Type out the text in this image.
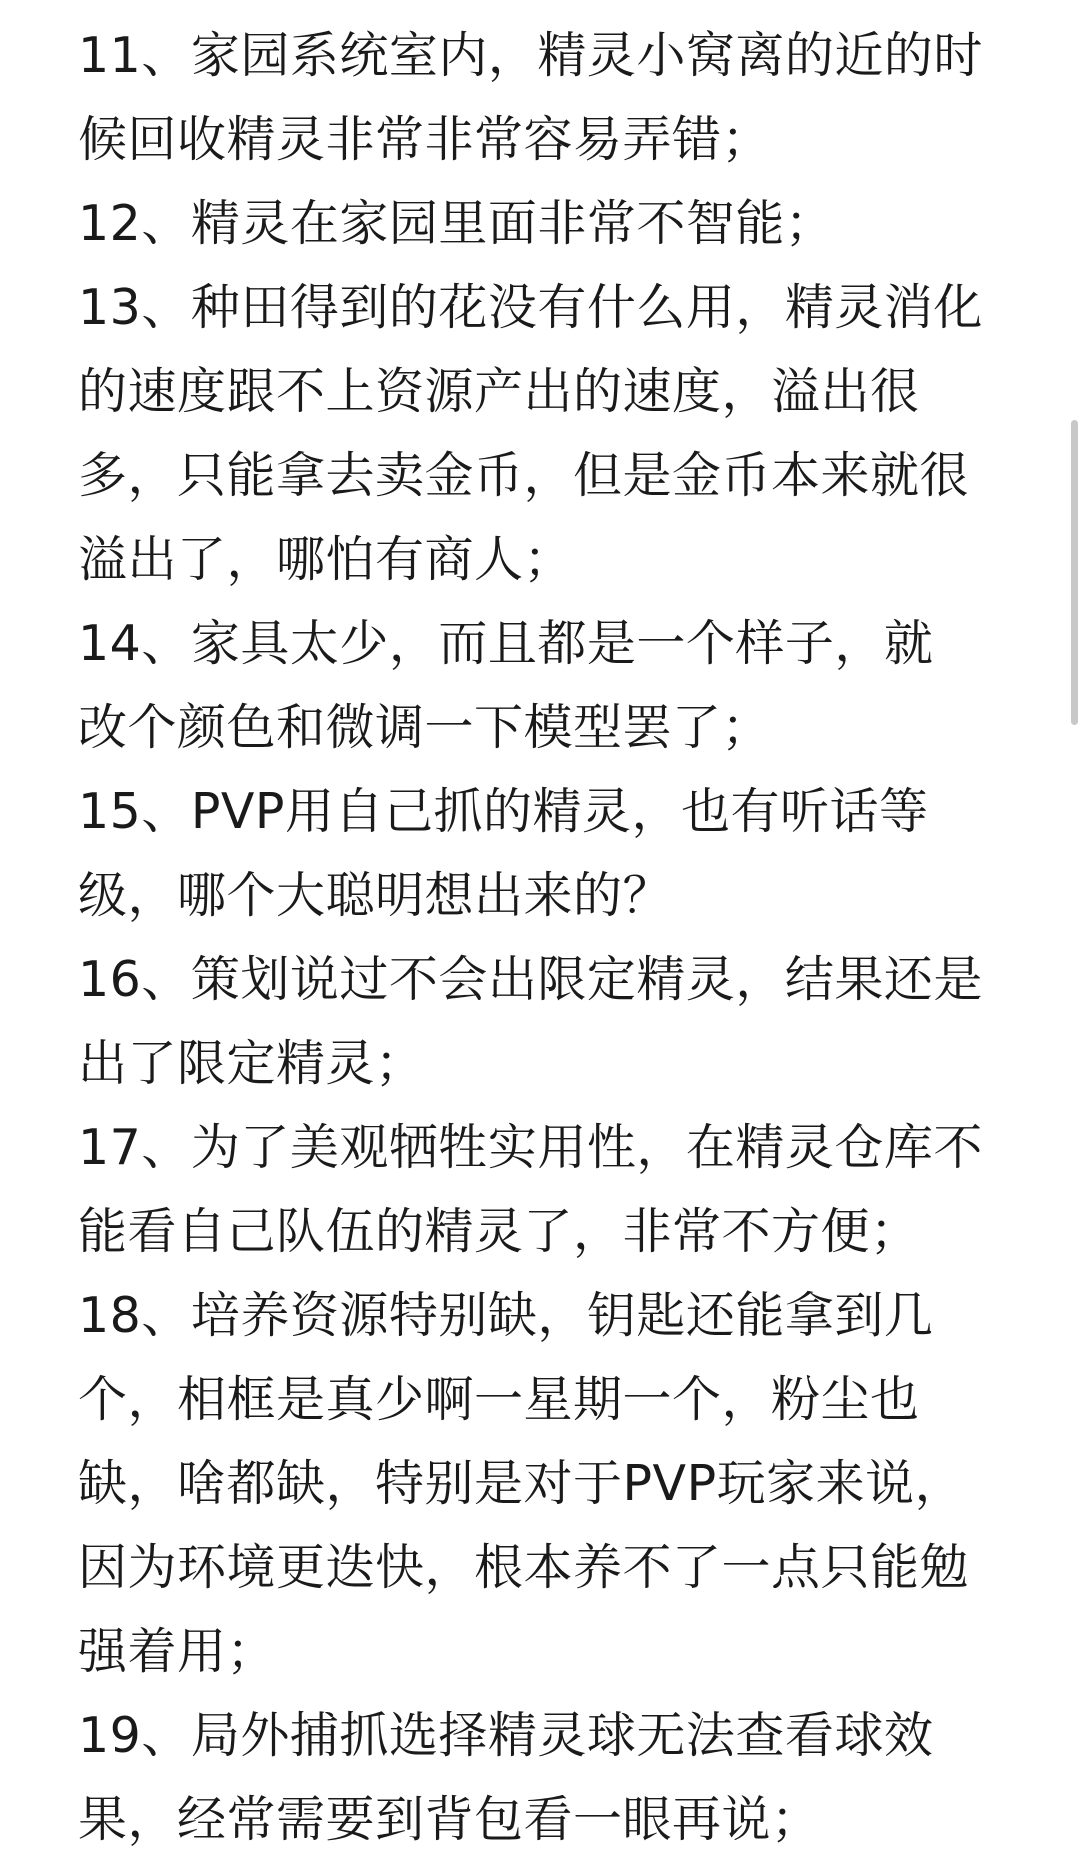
11、家园系统室内，精灵小窝离的近的时
候回收精灵非常非常容易弄错；
12、精灵在家园里面非常不智能；
13、种田得到的花没有什么用，精灵消化
的速度跟不上资源产出的速度，溢出很
多，只能拿去卖金币，但是金币本来就很
溢出了，哪怕有商人；
14、家具太少，而且都是一个样子，就
改个颜色和微调一下模型罢了；
15、PVP用自己抓的精灵，也有听话等
级，哪个大聪明想出来的？
16、策划说过不会出限定精灵，结果还是
出了限定精灵；
17、为了美观牺牲实用性，在精灵仓库不
能看自己队伍的精灵了，非常不方便；
18、培养资源特别缺，钥匙还能拿到几
个，相框是真少啊一星期一个，粉尘也
缺，啥都缺，特别是对于PVP玩家来说，
因为环境更迭快，根本养不了一点只能勉
强着用；
19、局外捕抓选择精灵球无法查看球效
果，经常需要到背包看一眼再说；
